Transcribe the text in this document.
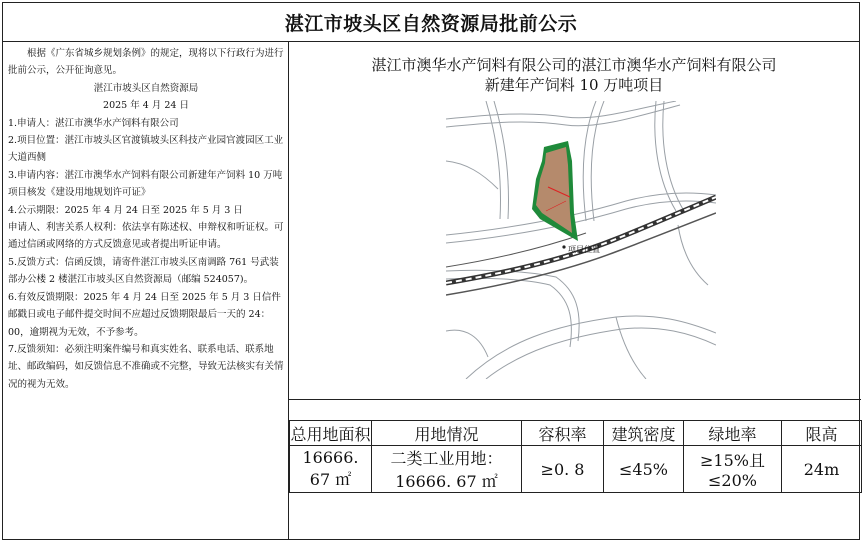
湛江市坡头区自然资源局批前公示

根据《广东省城乡规划条例》的规定，现将以下行政行为进行批前公示，公开征询意见。

湛江市坡头区自然资源局

2025 年 4 月 24 日

1.申请人：湛江市澳华水产饲料有限公司

2.项目位置：湛江市坡头区官渡镇坡头区科技产业园官渡园区工业大道西侧

3.申请内容：湛江市澳华水产饲料有限公司新建年产饲料 10 万吨项目核发《建设用地规划许可证》

4.公示期限：2025 年 4 月 24 日至 2025 年 5 月 3 日

申请人、利害关系人权利：依法享有陈述权、申辩权和听证权。可通过信函或网络的方式反馈意见或者提出听证申请。

5.反馈方式：信函反馈，请寄件湛江市坡头区南调路 761 号武装部办公楼 2 楼湛江市坡头区自然资源局（邮编 524057)。

6.有效反馈期限：2025 年 4 月 24 日至 2025 年 5 月 3 日信件邮戳日或电子邮件提交时间不应超过反馈期限最后一天的 24：00，逾期视为无效，不予参考。

7.反馈须知：必须注明案件编号和真实姓名、联系电话、联系地址、邮政编码，如反馈信息不准确或不完整，导致无法核实有关情况的视为无效。

湛江市澳华水产饲料有限公司的湛江市澳华水产饲料有限公司
新建年产饲料 10 万吨项目
项目位置
总用地面积	用地情况	容积率	建筑密度	绿地率	限高
16666. 67 ㎡	二类工业用地：16666. 67 ㎡	≥0. 8	≤45%	≥15%且≤20%	24m
